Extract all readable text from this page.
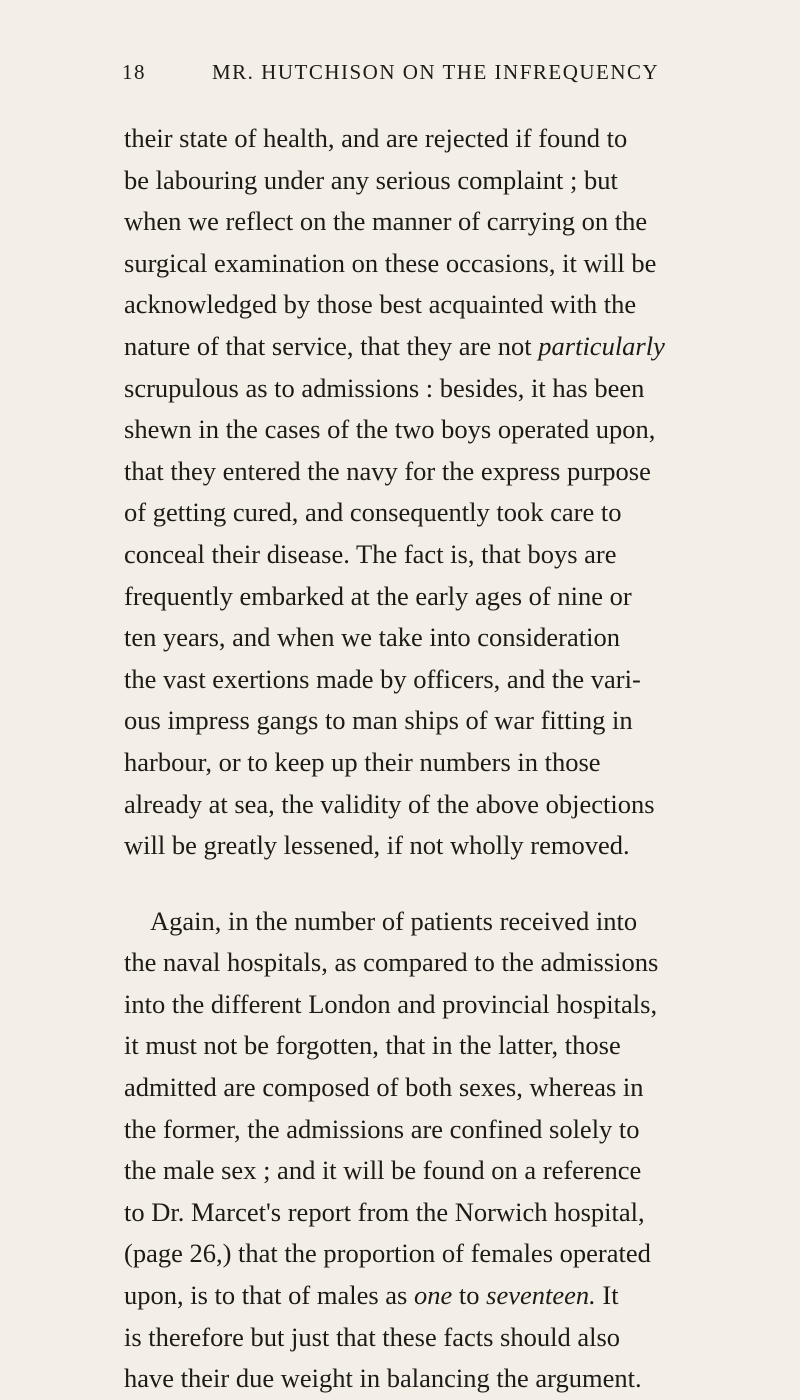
18	MR. HUTCHISON ON THE INFREQUENCY
their state of health, and are rejected if found to
be labouring under any serious complaint ; but
when we reflect on the manner of carrying on the
surgical examination on these occasions, it will be
acknowledged by those best acquainted with the
nature of that service, that they are not particularly
scrupulous as to admissions : besides, it has been
shewn in the cases of the two boys operated upon,
that they entered the navy for the express purpose
of getting cured, and consequently took care to
conceal their disease. The fact is, that boys are
frequently embarked at the early ages of nine or
ten years, and when we take into consideration
the vast exertions made by officers, and the vari-
ous impress gangs to man ships of war fitting in
harbour, or to keep up their numbers in those
already at sea, the validity of the above objections
will be greatly lessened, if not wholly removed.
Again, in the number of patients received into
the naval hospitals, as compared to the admissions
into the different London and provincial hospitals,
it must not be forgotten, that in the latter, those
admitted are composed of both sexes, whereas in
the former, the admissions are confined solely to
the male sex ; and it will be found on a reference
to Dr. Marcet's report from the Norwich hospital,
(page 26,) that the proportion of females operated
upon, is to that of males as one to seventeen. It
is therefore but just that these facts should also
have their due weight in balancing the argument.
